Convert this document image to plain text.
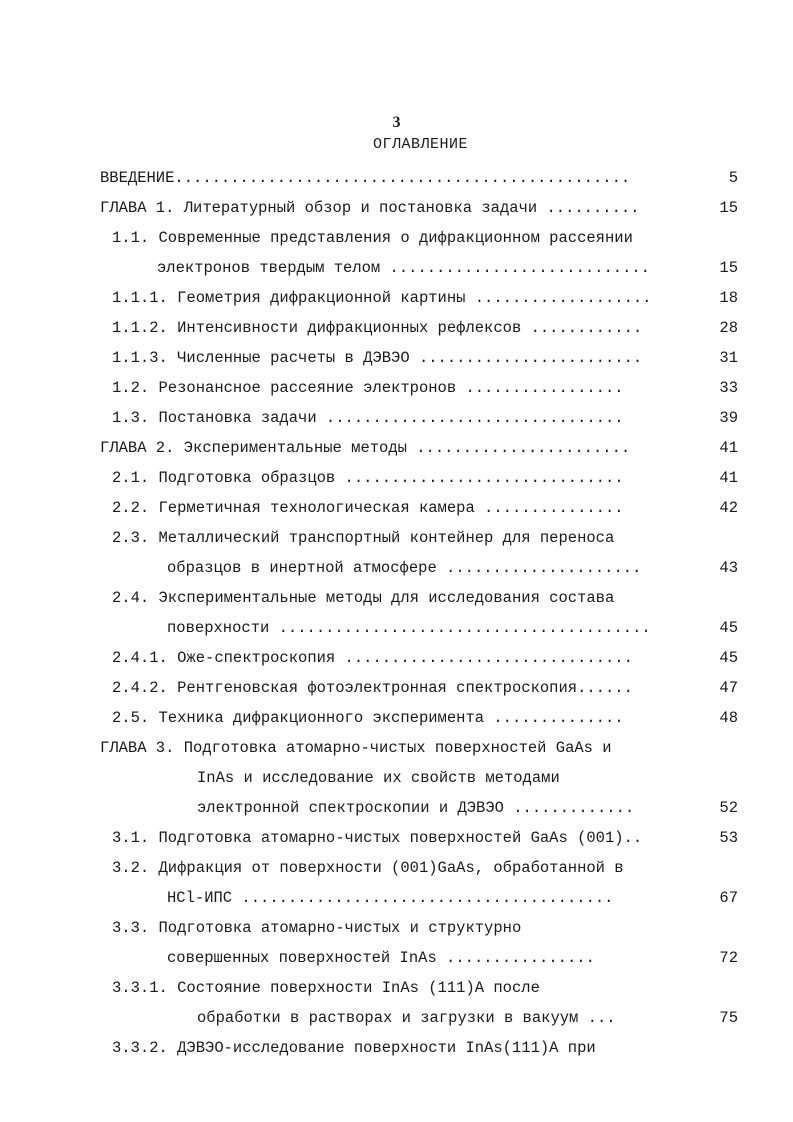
3
ОГЛАВЛЕНИЕ
ВВЕДЕНИЕ.................................................	5
ГЛАВА 1. Литературный обзор и постановка задачи ..........	15
1.1. Современные представления о дифракционном рассеянии
электронов твердым телом ............................	15
1.1.1. Геометрия дифракционной картины ...................	18
1.1.2. Интенсивности дифракционных рефлексов ............	28
1.1.3. Численные расчеты в ДЭВЭО ........................	31
1.2. Резонансное рассеяние электронов .................	33
1.3. Постановка задачи ................................	39
ГЛАВА 2. Экспериментальные методы .......................	41
2.1. Подготовка образцов ..............................	41
2.2. Герметичная технологическая камера ...............	42
2.3. Металлический транспортный контейнер для переноса
образцов в инертной атмосфере .....................	43
2.4. Экспериментальные методы для исследования состава
поверхности ........................................	45
2.4.1. Оже-спектроскопия ...............................	45
2.4.2. Рентгеновская фотоэлектронная спектроскопия......	47
2.5. Техника дифракционного эксперимента ..............	48
ГЛАВА 3. Подготовка атомарно-чистых поверхностей GaAs и
InAs и исследование их свойств методами
электронной спектроскопии и ДЭВЭО .............	52
3.1. Подготовка атомарно-чистых поверхностей GaAs (001)..	53
3.2. Дифракция от поверхности (001)GaAs, обработанной в
HCl-ИПС ........................................	67
3.3. Подготовка атомарно-чистых и структурно
совершенных поверхностей InAs ................	72
3.3.1. Состояние поверхности InAs (111)A после
обработки в растворах и загрузки в вакуум ...	75
3.3.2. ДЭВЭО-исследование поверхности InAs(111)A при
